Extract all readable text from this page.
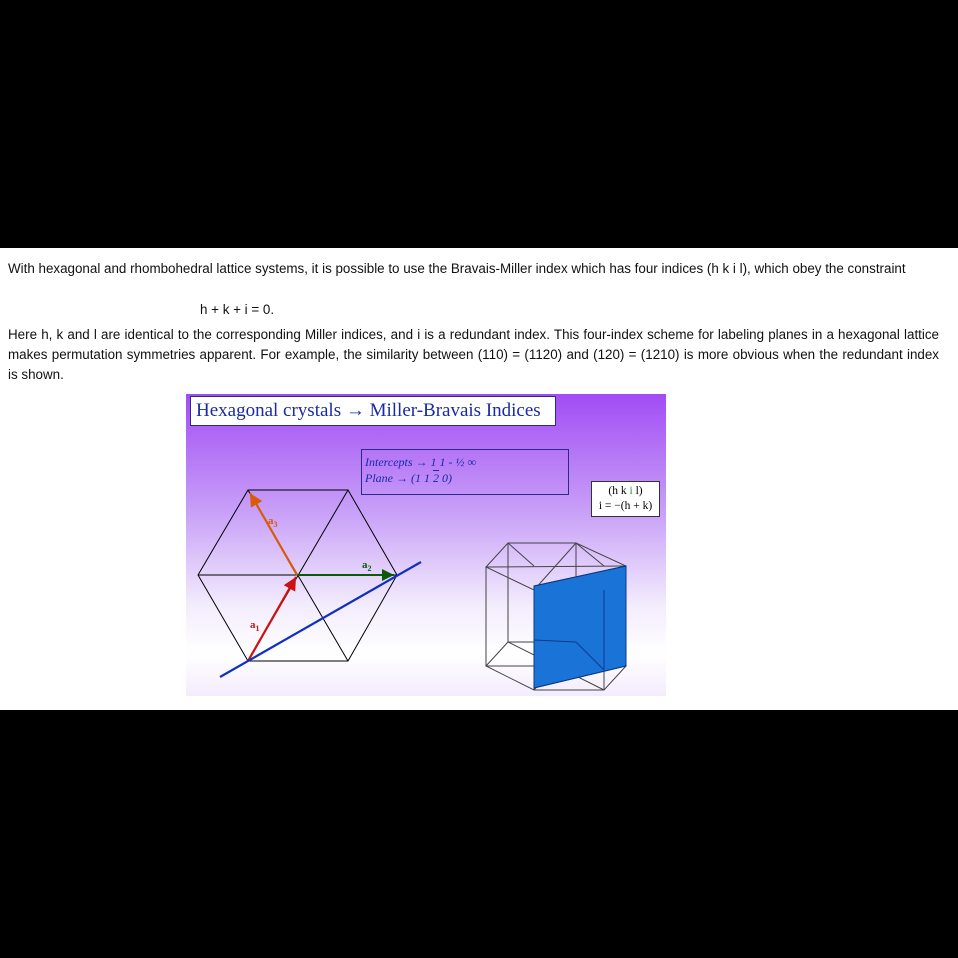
With hexagonal and rhombohedral lattice systems, it is possible to use the Bravais-Miller index which has four indices (h k i l), which obey the constraint

h + k + i = 0.

Here h, k and l are identical to the corresponding Miller indices, and i is a redundant index. This four-index scheme for labeling planes in a hexagonal lattice makes permutation symmetries apparent. For example, the similarity between (110) = (1120) and (120) = (1210) is more obvious when the redundant index is shown.

$a_3$
$a_2$
$a_1$
Hexagonal crystals → Miller-Bravais Indices
Intercepts → 1 1 - ½ ∞
Plane → (1 1 2 0)
(h k i l)
i = −(h + k)
